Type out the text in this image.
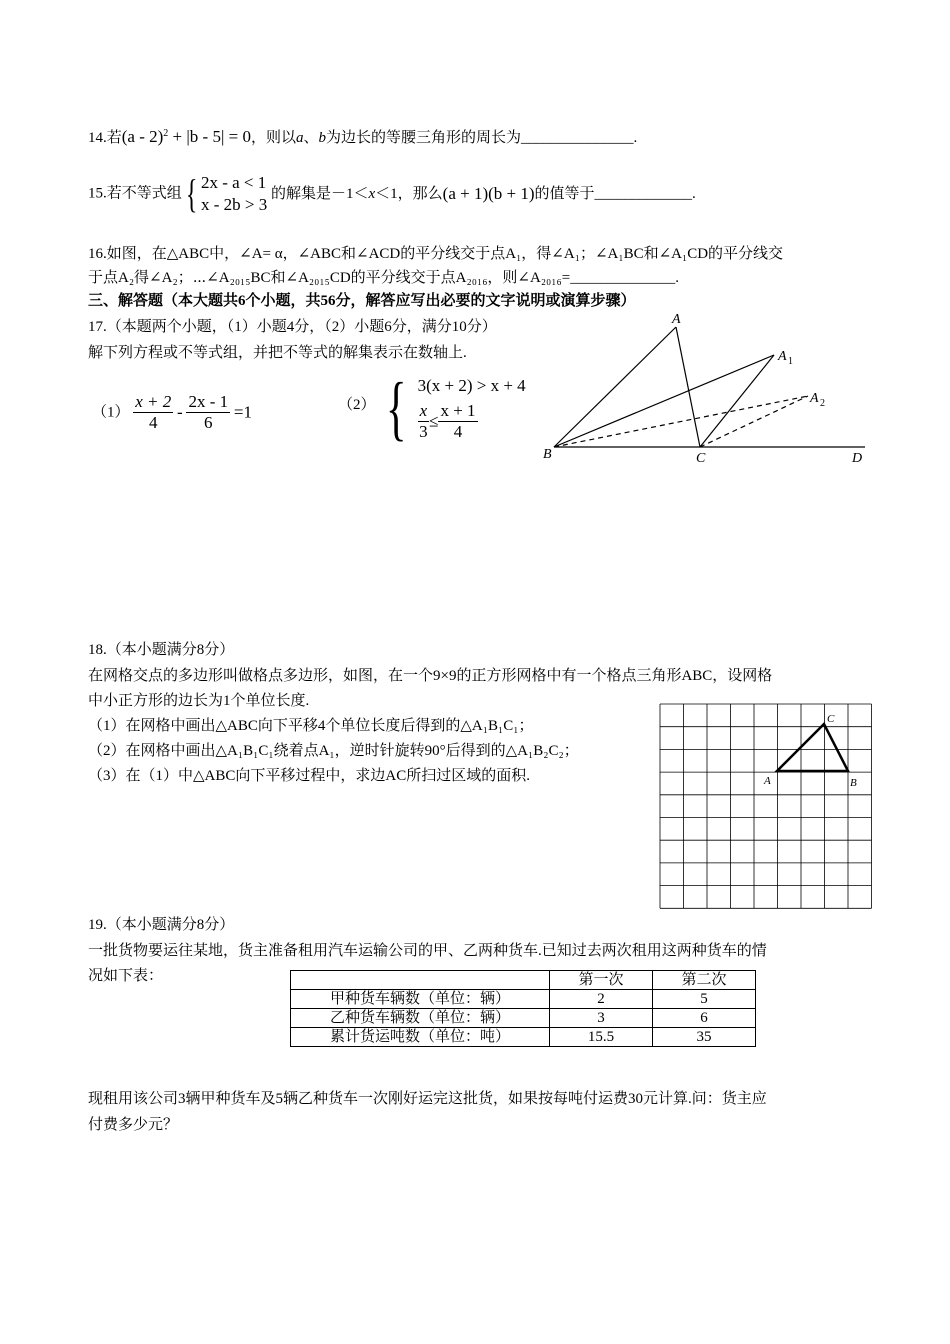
14.若(a - 2)$^2$ + |b - 5| = 0，则以a、b为边长的等腰三角形的周长为_______________.
15.若不等式组{ 2x - a < 1
x - 2b > 3
的解集是－1＜x＜1，那么(a + 1)(b + 1)的值等于_____________.
16.如图，在△ABC中，∠A= α，∠ABC和∠ACD的平分线交于点A₁，得∠A₁；∠A₁BC和∠A₁CD的平分线交
于点A₂得∠A₂；⋯∠A₂₀₁₅BC和∠A₂₀₁₅CD的平分线交于点A₂₀₁₆，则∠A₂₀₁₆=______________.
三、解答题（本大题共6个小题，共56分，解答应写出必要的文字说明或演算步骤）
17.（本题两个小题，（1）小题4分，（2）小题6分，满分10分）
解下列方程或不等式组，并把不等式的解集表示在数轴上.
$(1) \frac{x + 2}{4} - \frac{2x - 1}{6} =1$	（2） { 3(x + 2) > x + 4
$\frac{x}{3} \le \frac{x + 1}{4}$
A
A 1
A 2
B	C	D
18.（本小题满分8分）
在网格交点的多边形叫做格点多边形，如图，在一个9×9的正方形网格中有一个格点三角形ABC，设网格
中小正方形的边长为1个单位长度.
（1）在网格中画出△ABC向下平移4个单位长度后得到的△A₁B₁C₁；
（2）在网格中画出△A₁B₁C₁绕着点A₁，逆时针旋转90°后得到的△A₁B₂C₂；
（3）在（1）中△ABC向下平移过程中，求边AC所扫过区域的面积.	A	B
C
19.（本小题满分8分）
一批货物要运往某地，货主准备租用汽车运输公司的甲、乙两种货车.已知过去两次租用这两种货车的情
况如下表：
		第一次	第二次
甲种货车辆数（单位：辆）	2	5
乙种货车辆数（单位：辆）	3	6
累计货运吨数（单位：吨）	15.5	35
现租用该公司3辆甲种货车及5辆乙种货车一次刚好运完这批货，如果按每吨付运费30元计算.问：货主应
付费多少元？
